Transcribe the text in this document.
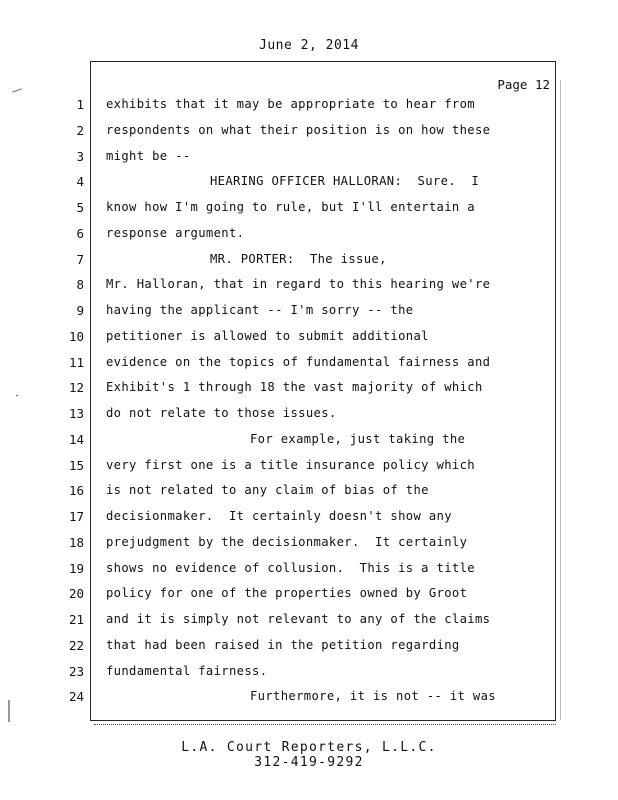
June 2, 2014
Page 12
1 exhibits that it may be appropriate to hear from
2 respondents on what their position is on how these
3 might be --
4	HEARING OFFICER HALLORAN:  Sure.  I
5 know how I'm going to rule, but I'll entertain a
6 response argument.
7	MR. PORTER:  The issue,
8 Mr. Halloran, that in regard to this hearing we're
9 having the applicant -- I'm sorry -- the
10 petitioner is allowed to submit additional
11 evidence on the topics of fundamental fairness and
12 Exhibit's 1 through 18 the vast majority of which
13 do not relate to those issues.
14	For example, just taking the
15 very first one is a title insurance policy which
16 is not related to any claim of bias of the
17 decisionmaker.  It certainly doesn't show any
18 prejudgment by the decisionmaker.  It certainly
19 shows no evidence of collusion.  This is a title
20 policy for one of the properties owned by Groot
21 and it is simply not relevant to any of the claims
22 that had been raised in the petition regarding
23 fundamental fairness.
24	Furthermore, it is not -- it was
L.A. Court Reporters, L.L.C.
312-419-9292
